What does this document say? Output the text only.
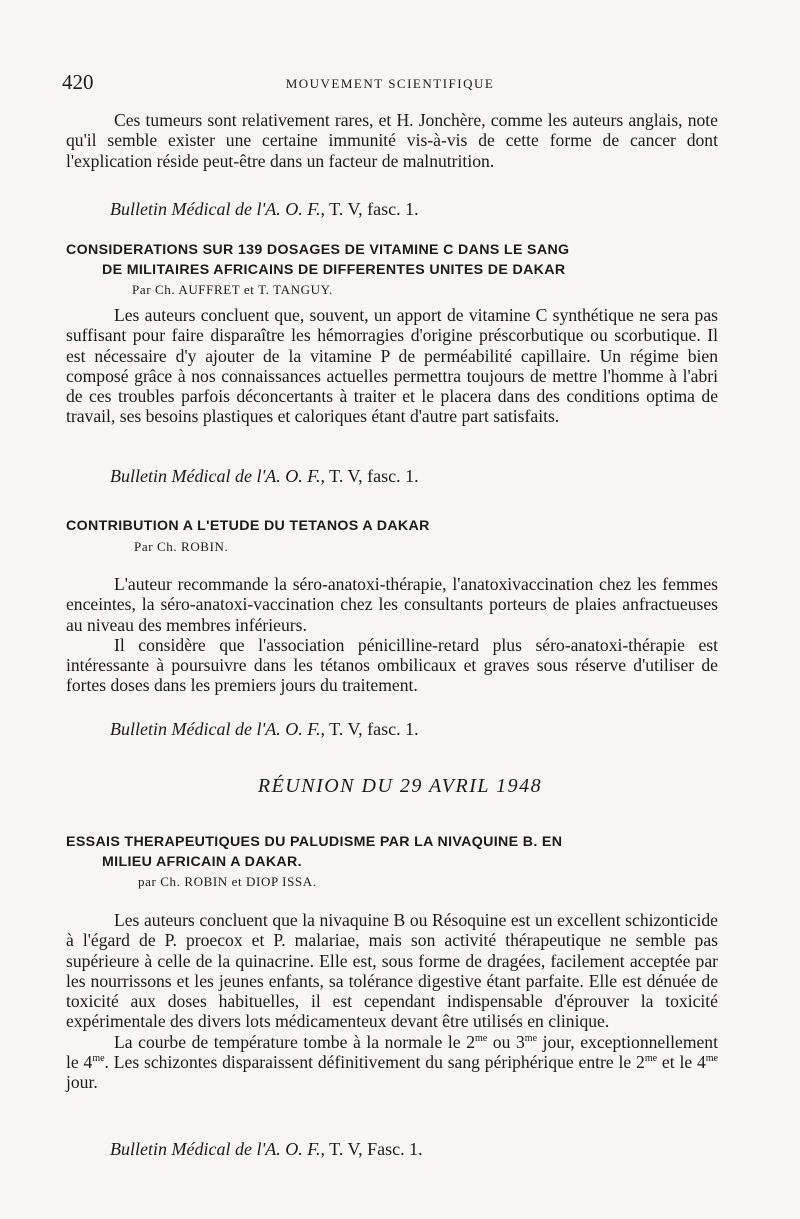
420	MOUVEMENT SCIENTIFIQUE

Ces tumeurs sont relativement rares, et H. Jonchère, comme les auteurs anglais, note qu'il semble exister une certaine immunité vis-à-vis de cette forme de cancer dont l'explication réside peut-être dans un facteur de malnutrition.

Bulletin Médical de l'A. O. F., T. V, fasc. 1.
CONSIDERATIONS SUR 139 DOSAGES DE VITAMINE C DANS LE SANG
DE MILITAIRES AFRICAINS DE DIFFERENTES UNITES DE DAKAR
Par Ch. AUFFRET et T. TANGUY.

Les auteurs concluent que, souvent, un apport de vitamine C synthétique ne sera pas suffisant pour faire disparaître les hémorragies d'origine préscorbutique ou scorbutique. Il est nécessaire d'y ajouter de la vitamine P de perméabilité capillaire. Un régime bien composé grâce à nos connaissances actuelles permettra toujours de mettre l'homme à l'abri de ces troubles parfois déconcertants à traiter et le placera dans des conditions optima de travail, ses besoins plastiques et caloriques étant d'autre part satisfaits.

Bulletin Médical de l'A. O. F., T. V, fasc. 1.
CONTRIBUTION A L'ETUDE DU TETANOS A DAKAR
Par Ch. ROBIN.

L'auteur recommande la séro-anatoxi-thérapie, l'anatoxivaccination chez les femmes enceintes, la séro-anatoxi-vaccination chez les consultants porteurs de plaies anfractueuses au niveau des membres inférieurs.

Il considère que l'association pénicilline-retard plus séro-anatoxi-thérapie est intéressante à poursuivre dans les tétanos ombilicaux et graves sous réserve d'utiliser de fortes doses dans les premiers jours du traitement.

Bulletin Médical de l'A. O. F., T. V, fasc. 1.
RÉUNION DU 29 AVRIL 1948
ESSAIS THERAPEUTIQUES DU PALUDISME PAR LA NIVAQUINE B. EN
MILIEU AFRICAIN A DAKAR.
par Ch. ROBIN et DIOP ISSA.

Les auteurs concluent que la nivaquine B ou Résoquine est un excellent schizonticide à l'égard de P. proecox et P. malariae, mais son activité thérapeutique ne semble pas supérieure à celle de la quinacrine. Elle est, sous forme de dragées, facilement acceptée par les nourrissons et les jeunes enfants, sa tolérance digestive étant parfaite. Elle est dénuée de toxicité aux doses habituelles, il est cependant indispensable d'éprouver la toxicité expérimentale des divers lots médicamenteux devant être utilisés en clinique.

La courbe de température tombe à la normale le $2^{me}$ ou $3^{me}$ jour, exceptionnellement le $4^{me}$. Les schizontes disparaissent définitivement du sang périphérique entre le $2^{me}$ et le $4^{me}$ jour.

Bulletin Médical de l'A. O. F., T. V, Fasc. 1.
